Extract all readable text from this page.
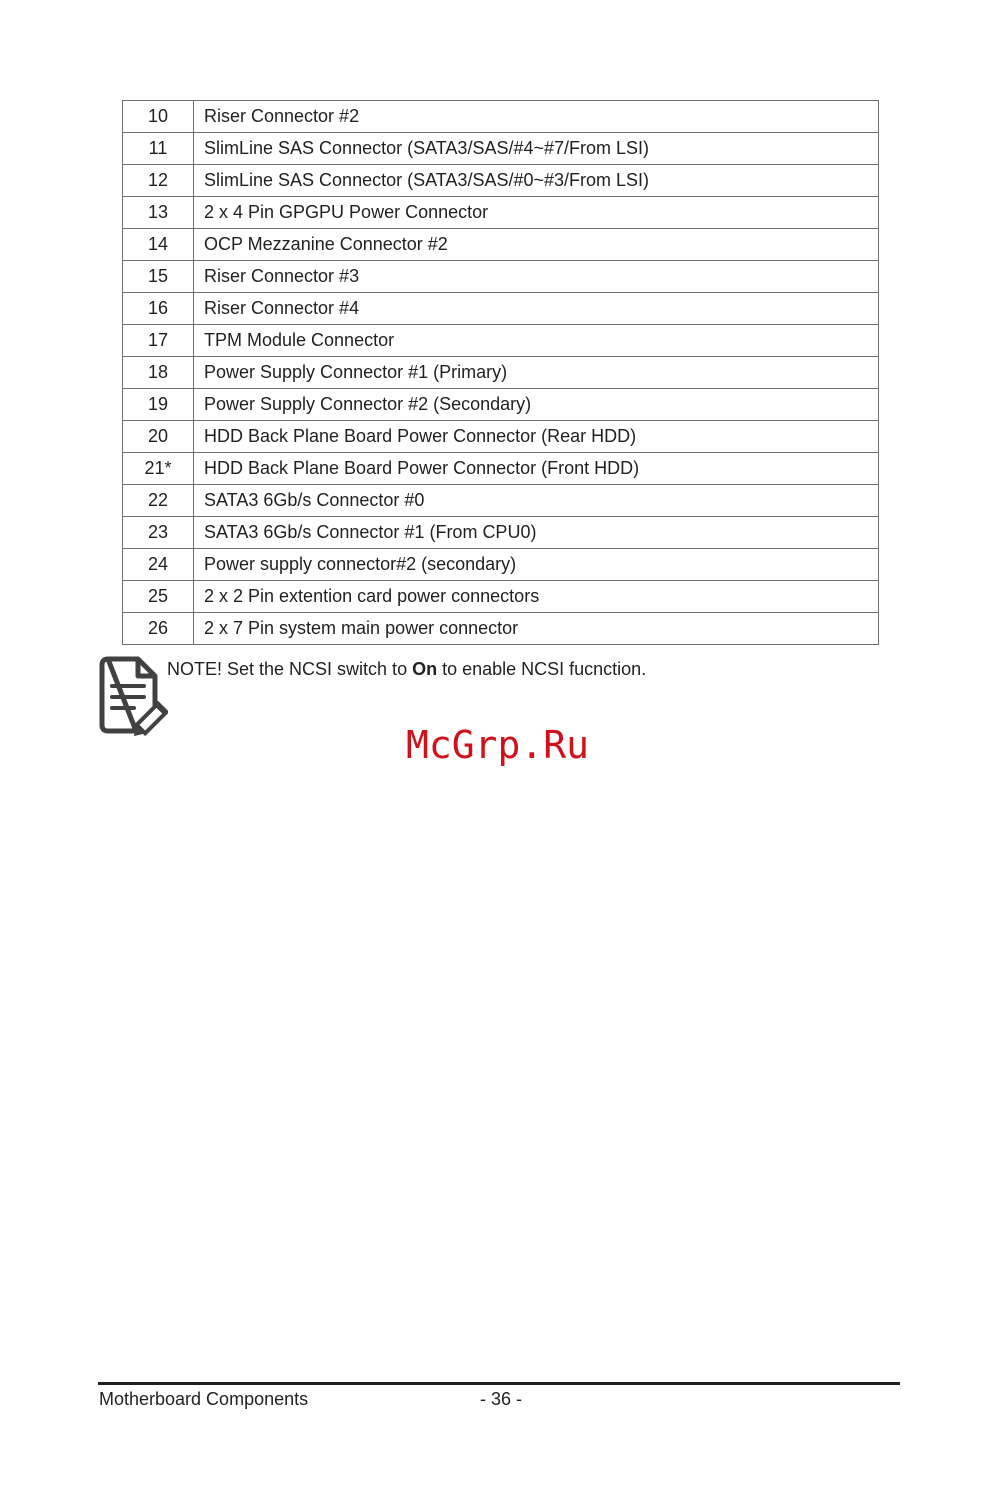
10	Riser Connector #2
11	SlimLine SAS Connector (SATA3/SAS/#4~#7/From LSI)
12	SlimLine SAS Connector (SATA3/SAS/#0~#3/From LSI)
13	2 x 4 Pin GPGPU Power Connector
14	OCP Mezzanine Connector #2
15	Riser Connector #3
16	Riser Connector #4
17	TPM Module Connector
18	Power Supply Connector #1 (Primary)
19	Power Supply Connector #2 (Secondary)
20	HDD Back Plane Board Power Connector (Rear HDD)
21*	HDD Back Plane Board Power Connector (Front HDD)
22	SATA3 6Gb/s Connector #0
23	SATA3 6Gb/s Connector #1 (From CPU0)
24	Power supply connector#2 (secondary)
25	2 x 2 Pin extention card power connectors
26	2 x 7 Pin system main power connector
NOTE! Set the NCSI switch to On to enable NCSI fucnction.
McGrp.Ru
Motherboard Components	- 36 -
